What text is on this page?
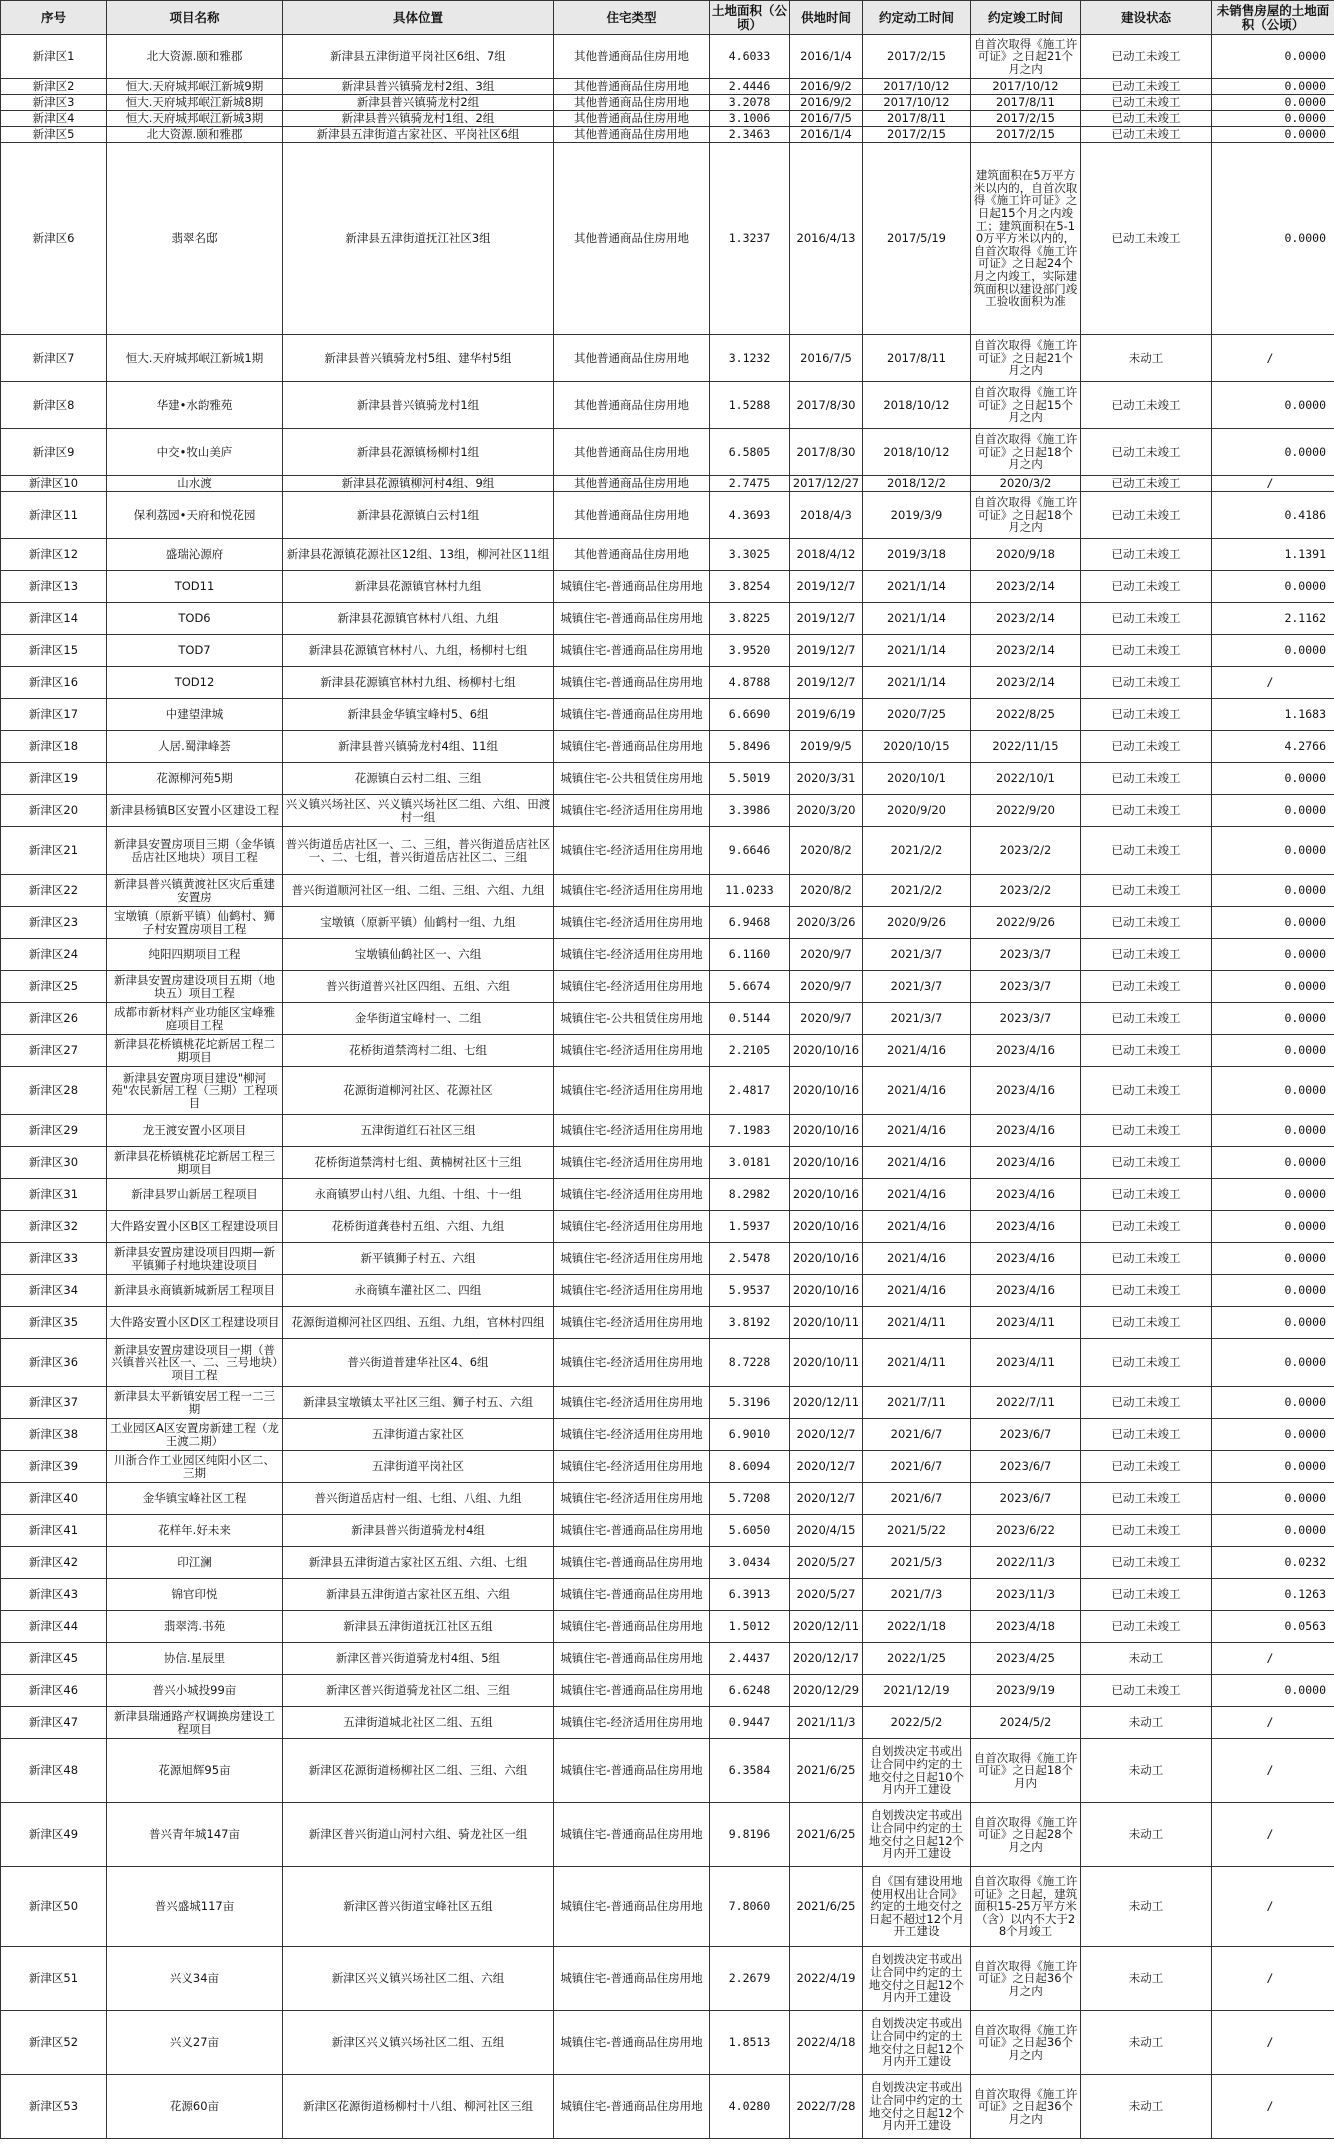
序号	项目名称	具体位置	住宅类型	土地面积（公顷）	供地时间	约定动工时间	约定竣工时间	建设状态	未销售房屋的土地面积（公顷）
新津区1	北大资源.颐和雅郡	新津县五津街道平岗社区6组、7组	其他普通商品住房用地	4.6033	2016/1/4	2017/2/15	自首次取得《施工许可证》之日起21个月之内	已动工未竣工	0.0000
新津区2	恒大.天府城邦岷江新城9期	新津县普兴镇骑龙村2组、3组	其他普通商品住房用地	2.4446	2016/9/2	2017/10/12	2017/10/12	已动工未竣工	0.0000
新津区3	恒大.天府城邦岷江新城8期	新津县普兴镇骑龙村2组	其他普通商品住房用地	3.2078	2016/9/2	2017/10/12	2017/8/11	已动工未竣工	0.0000
新津区4	恒大.天府城邦岷江新城3期	新津县普兴镇骑龙村1组、2组	其他普通商品住房用地	3.1006	2016/7/5	2017/8/11	2017/2/15	已动工未竣工	0.0000
新津区5	北大资源.颐和雅郡	新津县五津街道古家社区、平岗社区6组	其他普通商品住房用地	2.3463	2016/1/4	2017/2/15	2017/2/15	已动工未竣工	0.0000
新津区6	翡翠名邸	新津县五津街道抚江社区3组	其他普通商品住房用地	1.3237	2016/4/13	2017/5/19	建筑面积在5万平方米以内的，自首次取得《施工许可证》之日起15个月之内竣工；建筑面积在5-10万平方米以内的，自首次取得《施工许可证》之日起24个月之内竣工，实际建筑面积以建设部门竣工验收面积为准	已动工未竣工	0.0000
新津区7	恒大.天府城邦岷江新城1期	新津县普兴镇骑龙村5组、建华村5组	其他普通商品住房用地	3.1232	2016/7/5	2017/8/11	自首次取得《施工许可证》之日起21个月之内	未动工	/
新津区8	华建•水韵雅苑	新津县普兴镇骑龙村1组	其他普通商品住房用地	1.5288	2017/8/30	2018/10/12	自首次取得《施工许可证》之日起15个月之内	已动工未竣工	0.0000
新津区9	中交•牧山美庐	新津县花源镇杨柳村1组	其他普通商品住房用地	6.5805	2017/8/30	2018/10/12	自首次取得《施工许可证》之日起18个月之内	已动工未竣工	0.0000
新津区10	山水渡	新津县花源镇柳河村4组、9组	其他普通商品住房用地	2.7475	2017/12/27	2018/12/2	2020/3/2	已动工未竣工	/
新津区11	保利荔园•天府和悦花园	新津县花源镇白云村1组	其他普通商品住房用地	4.3693	2018/4/3	2019/3/9	自首次取得《施工许可证》之日起18个月之内	已动工未竣工	0.4186
新津区12	盛瑞沁源府	新津县花源镇花源社区12组、13组，柳河社区11组	其他普通商品住房用地	3.3025	2018/4/12	2019/3/18	2020/9/18	已动工未竣工	1.1391
新津区13	TOD11	新津县花源镇官林村九组	城镇住宅-普通商品住房用地	3.8254	2019/12/7	2021/1/14	2023/2/14	已动工未竣工	0.0000
新津区14	TOD6	新津县花源镇官林村八组、九组	城镇住宅-普通商品住房用地	3.8225	2019/12/7	2021/1/14	2023/2/14	已动工未竣工	2.1162
新津区15	TOD7	新津县花源镇官林村八、九组，杨柳村七组	城镇住宅-普通商品住房用地	3.9520	2019/12/7	2021/1/14	2023/2/14	已动工未竣工	0.0000
新津区16	TOD12	新津县花源镇官林村九组、杨柳村七组	城镇住宅-普通商品住房用地	4.8788	2019/12/7	2021/1/14	2023/2/14	已动工未竣工	/
新津区17	中建望津城	新津县金华镇宝峰村5、6组	城镇住宅-普通商品住房用地	6.6690	2019/6/19	2020/7/25	2022/8/25	已动工未竣工	1.1683
新津区18	人居.蜀津峰荟	新津县普兴镇骑龙村4组、11组	城镇住宅-普通商品住房用地	5.8496	2019/9/5	2020/10/15	2022/11/15	已动工未竣工	4.2766
新津区19	花源柳河苑5期	花源镇白云村二组、三组	城镇住宅-公共租赁住房用地	5.5019	2020/3/31	2020/10/1	2022/10/1	已动工未竣工	0.0000
新津区20	新津县杨镇B区安置小区建设工程	兴义镇兴场社区、兴义镇兴场社区二组、六组、田渡村一组	城镇住宅-经济适用住房用地	3.3986	2020/3/20	2020/9/20	2022/9/20	已动工未竣工	0.0000
新津区21	新津县安置房项目三期（金华镇岳店社区地块）项目工程	普兴街道岳店社区一、二、三组，普兴街道岳店社区一、二、七组，普兴街道岳店社区二、三组	城镇住宅-经济适用住房用地	9.6646	2020/8/2	2021/2/2	2023/2/2	已动工未竣工	0.0000
新津区22	新津县普兴镇黄渡社区灾后重建安置房	普兴街道顺河社区一组、二组、三组、六组、九组	城镇住宅-经济适用住房用地	11.0233	2020/8/2	2021/2/2	2023/2/2	已动工未竣工	0.0000
新津区23	宝墩镇（原新平镇）仙鹤村、狮子村安置房项目工程	宝墩镇（原新平镇）仙鹤村一组、九组	城镇住宅-经济适用住房用地	6.9468	2020/3/26	2020/9/26	2022/9/26	已动工未竣工	0.0000
新津区24	纯阳四期项目工程	宝墩镇仙鹤社区一、六组	城镇住宅-经济适用住房用地	6.1160	2020/9/7	2021/3/7	2023/3/7	已动工未竣工	0.0000
新津区25	新津县安置房建设项目五期（地块五）项目工程	普兴街道普兴社区四组、五组、六组	城镇住宅-经济适用住房用地	5.6674	2020/9/7	2021/3/7	2023/3/7	已动工未竣工	0.0000
新津区26	成都市新材料产业功能区宝峰雅庭项目工程	金华街道宝峰村一、二组	城镇住宅-公共租赁住房用地	0.5144	2020/9/7	2021/3/7	2023/3/7	已动工未竣工	0.0000
新津区27	新津县花桥镇桃花坨新居工程二期项目	花桥街道禁湾村二组、七组	城镇住宅-经济适用住房用地	2.2105	2020/10/16	2021/4/16	2023/4/16	已动工未竣工	0.0000
新津区28	新津县安置房项目建设"柳河苑"农民新居工程（三期）工程项目	花源街道柳河社区、花源社区	城镇住宅-经济适用住房用地	2.4817	2020/10/16	2021/4/16	2023/4/16	已动工未竣工	0.0000
新津区29	龙王渡安置小区项目	五津街道红石社区三组	城镇住宅-经济适用住房用地	7.1983	2020/10/16	2021/4/16	2023/4/16	已动工未竣工	0.0000
新津区30	新津县花桥镇桃花坨新居工程三期项目	花桥街道禁湾村七组、黄楠树社区十三组	城镇住宅-经济适用住房用地	3.0181	2020/10/16	2021/4/16	2023/4/16	已动工未竣工	0.0000
新津区31	新津县罗山新居工程项目	永商镇罗山村八组、九组、十组、十一组	城镇住宅-经济适用住房用地	8.2982	2020/10/16	2021/4/16	2023/4/16	已动工未竣工	0.0000
新津区32	大件路安置小区B区工程建设项目	花桥街道龚巷村五组、六组、九组	城镇住宅-经济适用住房用地	1.5937	2020/10/16	2021/4/16	2023/4/16	已动工未竣工	0.0000
新津区33	新津县安置房建设项目四期—新平镇狮子村地块建设项目	新平镇狮子村五、六组	城镇住宅-经济适用住房用地	2.5478	2020/10/16	2021/4/16	2023/4/16	已动工未竣工	0.0000
新津区34	新津县永商镇新城新居工程项目	永商镇车灌社区二、四组	城镇住宅-经济适用住房用地	5.9537	2020/10/16	2021/4/16	2023/4/16	已动工未竣工	0.0000
新津区35	大件路安置小区D区工程建设项目	花源街道柳河社区四组、五组、九组，官林村四组	城镇住宅-经济适用住房用地	3.8192	2020/10/11	2021/4/11	2023/4/11	已动工未竣工	0.0000
新津区36	新津县安置房建设项目一期（普兴镇普兴社区一、二、三号地块）项目工程	普兴街道普建华社区4、6组	城镇住宅-经济适用住房用地	8.7228	2020/10/11	2021/4/11	2023/4/11	已动工未竣工	0.0000
新津区37	新津县太平新镇安居工程一二三期	新津县宝墩镇太平社区三组、狮子村五、六组	城镇住宅-经济适用住房用地	5.3196	2020/12/11	2021/7/11	2022/7/11	已动工未竣工	0.0000
新津区38	工业园区A区安置房新建工程（龙王渡二期）	五津街道古家社区	城镇住宅-经济适用住房用地	6.9010	2020/12/7	2021/6/7	2023/6/7	已动工未竣工	0.0000
新津区39	川浙合作工业园区纯阳小区二、三期	五津街道平岗社区	城镇住宅-经济适用住房用地	8.6094	2020/12/7	2021/6/7	2023/6/7	已动工未竣工	0.0000
新津区40	金华镇宝峰社区工程	普兴街道岳店村一组、七组、八组、九组	城镇住宅-经济适用住房用地	5.7208	2020/12/7	2021/6/7	2023/6/7	已动工未竣工	0.0000
新津区41	花样年.好未来	新津县普兴街道骑龙村4组	城镇住宅-普通商品住房用地	5.6050	2020/4/15	2021/5/22	2023/6/22	已动工未竣工	0.0000
新津区42	印江澜	新津县五津街道古家社区五组、六组、七组	城镇住宅-普通商品住房用地	3.0434	2020/5/27	2021/5/3	2022/11/3	已动工未竣工	0.0232
新津区43	锦官印悦	新津县五津街道古家社区五组、六组	城镇住宅-普通商品住房用地	6.3913	2020/5/27	2021/7/3	2023/11/3	已动工未竣工	0.1263
新津区44	翡翠湾.书苑	新津县五津街道抚江社区五组	城镇住宅-普通商品住房用地	1.5012	2020/12/11	2022/1/18	2023/4/18	已动工未竣工	0.0563
新津区45	协信.星辰里	新津区普兴街道骑龙村4组、5组	城镇住宅-普通商品住房用地	2.4437	2020/12/17	2022/1/25	2023/4/25	未动工	/
新津区46	普兴小城投99亩	新津区普兴街道骑龙社区二组、三组	城镇住宅-普通商品住房用地	6.6248	2020/12/29	2021/12/19	2023/9/19	已动工未竣工	0.0000
新津区47	新津县瑞通路产权调换房建设工程项目	五津街道城北社区二组、五组	城镇住宅-经济适用住房用地	0.9447	2021/11/3	2022/5/2	2024/5/2	未动工	/
新津区48	花源旭辉95亩	新津区花源街道杨柳社区二组、三组、六组	城镇住宅-普通商品住房用地	6.3584	2021/6/25	自划拨决定书或出让合同中约定的土地交付之日起10个月内开工建设	自首次取得《施工许可证》之日起18个月内	未动工	/
新津区49	普兴青年城147亩	新津区普兴街道山河村六组、骑龙社区一组	城镇住宅-普通商品住房用地	9.8196	2021/6/25	自划拨决定书或出让合同中约定的土地交付之日起12个月内开工建设	自首次取得《施工许可证》之日起28个月之内	未动工	/
新津区50	普兴盛城117亩	新津区普兴街道宝峰社区五组	城镇住宅-普通商品住房用地	7.8060	2021/6/25	自《国有建设用地使用权出让合同》约定的土地交付之日起不超过12个月开工建设	自首次取得《施工许可证》之日起，建筑面积15-25万平方米（含）以内不大于28个月竣工	未动工	/
新津区51	兴义34亩	新津区兴义镇兴场社区二组、六组	城镇住宅-普通商品住房用地	2.2679	2022/4/19	自划拨决定书或出让合同中约定的土地交付之日起12个月内开工建设	自首次取得《施工许可证》之日起36个月之内	未动工	/
新津区52	兴义27亩	新津区兴义镇兴场社区二组、五组	城镇住宅-普通商品住房用地	1.8513	2022/4/18	自划拨决定书或出让合同中约定的土地交付之日起12个月内开工建设	自首次取得《施工许可证》之日起36个月之内	未动工	/
新津区53	花源60亩	新津区花源街道杨柳村十八组、柳河社区三组	城镇住宅-普通商品住房用地	4.0280	2022/7/28	自划拨决定书或出让合同中约定的土地交付之日起12个月内开工建设	自首次取得《施工许可证》之日起36个月之内	未动工	/
